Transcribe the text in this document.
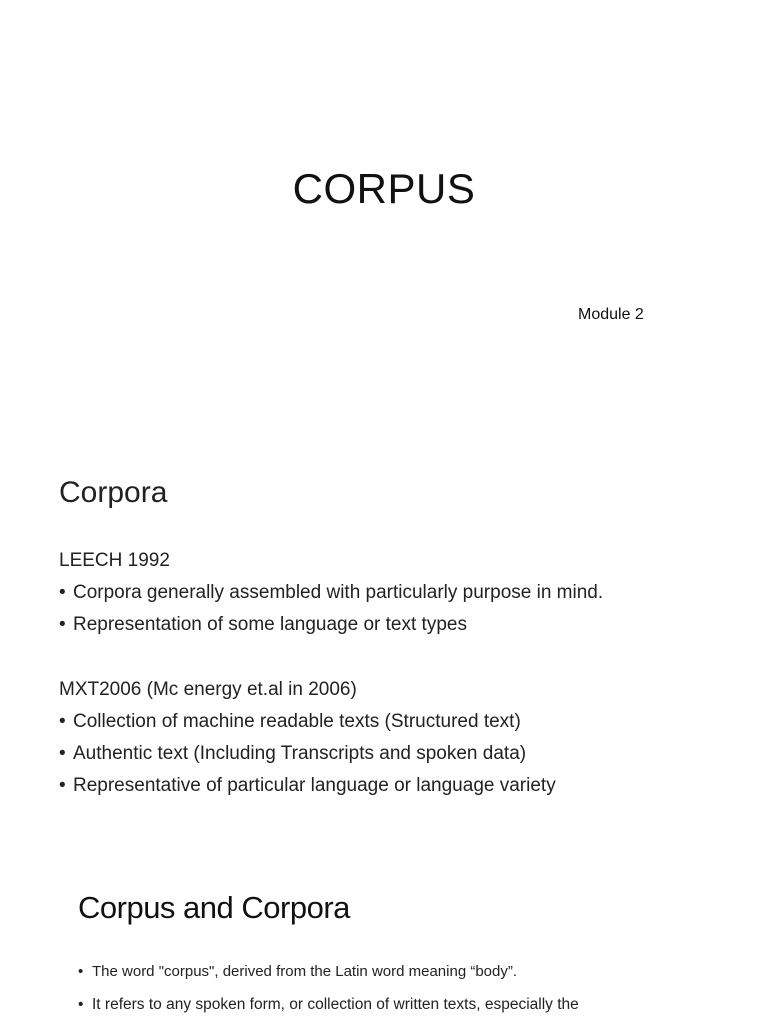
CORPUS
Module 2
Corpora
LEECH 1992
• Corpora generally assembled with particularly purpose in mind.
• Representation of some language or text types
MXT2006 (Mc energy et.al in 2006)
• Collection of machine readable texts (Structured text)
• Authentic text (Including Transcripts and spoken data)
• Representative of particular language or language variety
Corpus and Corpora
• The word "corpus", derived from the Latin word meaning “body”.
• It refers to any spoken form, or collection of written texts, especially the
